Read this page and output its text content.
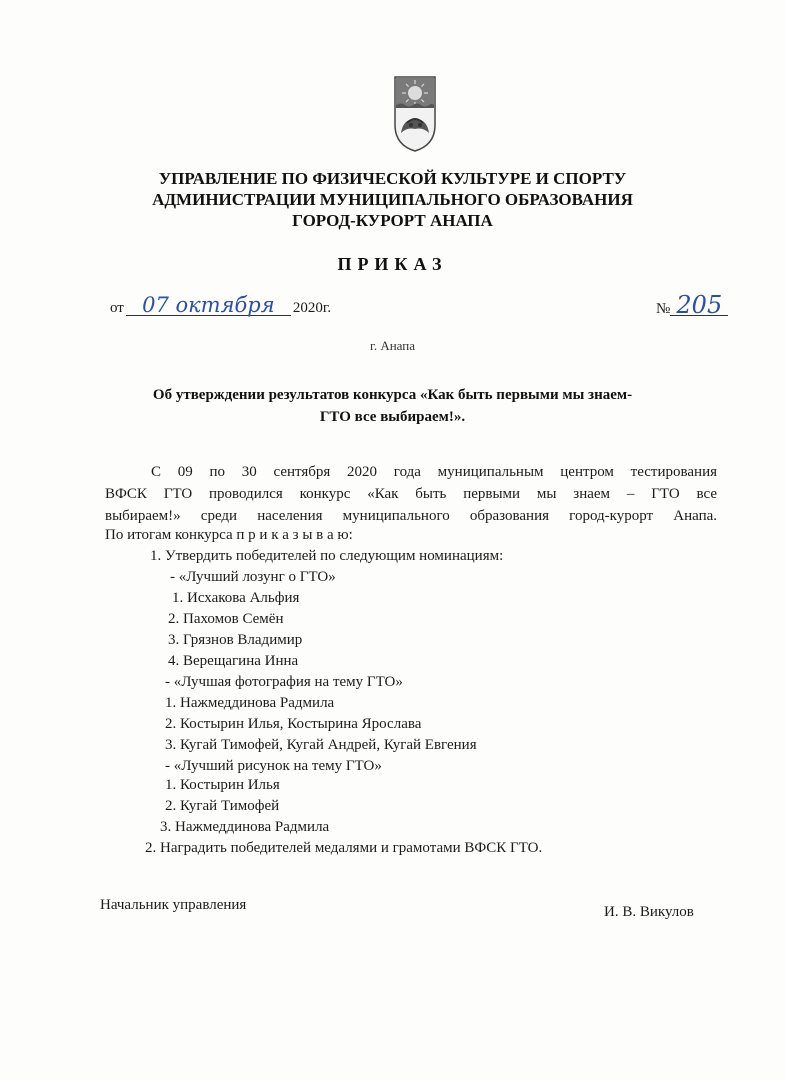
УПРАВЛЕНИЕ ПО ФИЗИЧЕСКОЙ КУЛЬТУРЕ И СПОРТУ
АДМИНИСТРАЦИИ МУНИЦИПАЛЬНОГО ОБРАЗОВАНИЯ
ГОРОД-КУРОРТ АНАПА
ПРИКАЗ
от 07 октября 2020г.	№ 205
г. Анапа
Об утверждении результатов конкурса «Как быть первыми мы знаем-
ГТО все выбираем!».
С 09 по 30 сентября 2020 года муниципальным центром тестирования
ВФСК ГТО проводился конкурс «Как быть первыми мы знаем – ГТО все
выбираем!» среди населения муниципального образования город-курорт Анапа.
По итогам конкурса п р и к а з ы в а ю:
1. Утвердить победителей по следующим номинациям:
- «Лучший лозунг о ГТО»
1. Исхакова Альфия
2. Пахомов Семён
3. Грязнов Владимир
4. Верещагина Инна
- «Лучшая фотография на тему ГТО»
1. Нажмеддинова Радмила
2. Костырин Илья, Костырина Ярослава
3. Кугай Тимофей, Кугай Андрей, Кугай Евгения
- «Лучший рисунок на тему ГТО»
1. Костырин Илья
2. Кугай Тимофей
3. Нажмеддинова Радмила
2. Наградить победителей медалями и грамотами ВФСК ГТО.
Начальник управления	И. В. Викулов
